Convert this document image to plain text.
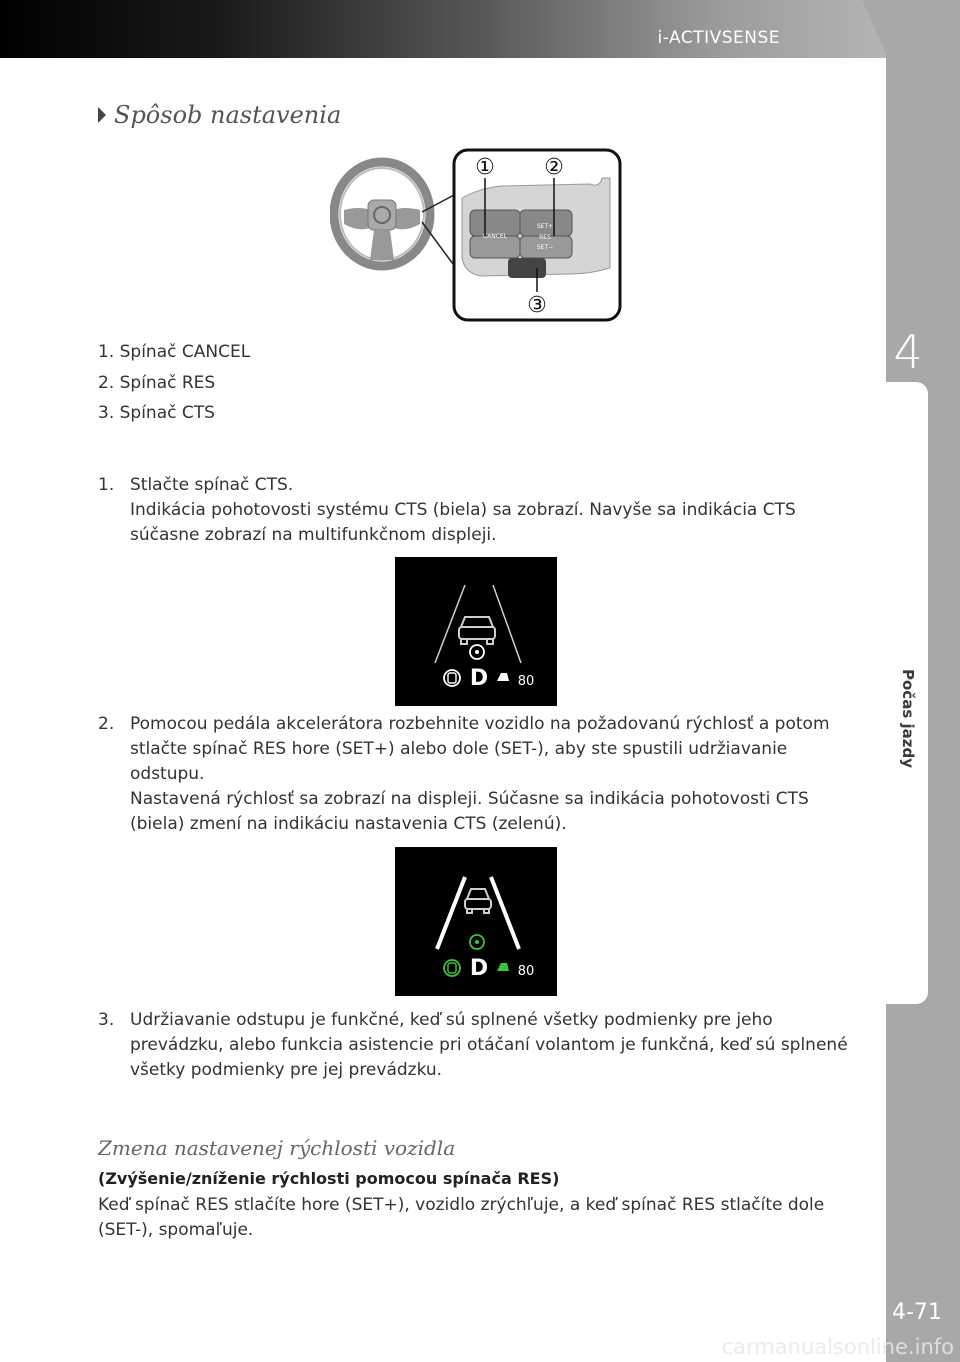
i-ACTIVSENSE
4
Počas jazdy
4-71
carmanualsonline.info
Spôsob nastavenia
CANCEL
SET+
RES
SET−
① ②
③
1. Spínač CANCEL
2. Spínač RES
3. Spínač CTS
1. Stlačte spínač CTS.
Indikácia pohotovosti systému CTS (biela) sa zobrazí. Navyše sa indikácia CTS súčasne zobrazí na multifunkčnom displeji.
D 80
2. Pomocou pedála akcelerátora rozbehnite vozidlo na požadovanú rýchlosť a potom stlačte spínač RES hore (SET+) alebo dole (SET-), aby ste spustili udržiavanie odstupu.
Nastavená rýchlosť sa zobrazí na displeji. Súčasne sa indikácia pohotovosti CTS (biela) zmení na indikáciu nastavenia CTS (zelenú).
D 80
3. Udržiavanie odstupu je funkčné, keď sú splnené všetky podmienky pre jeho prevádzku, alebo funkcia asistencie pri otáčaní volantom je funkčná, keď sú splnené všetky podmienky pre jej prevádzku.
Zmena nastavenej rýchlosti vozidla
(Zvýšenie/zníženie rýchlosti pomocou spínača RES)
Keď spínač RES stlačíte hore (SET+), vozidlo zrýchľuje, a keď spínač RES stlačíte dole (SET-), spomaľuje.
